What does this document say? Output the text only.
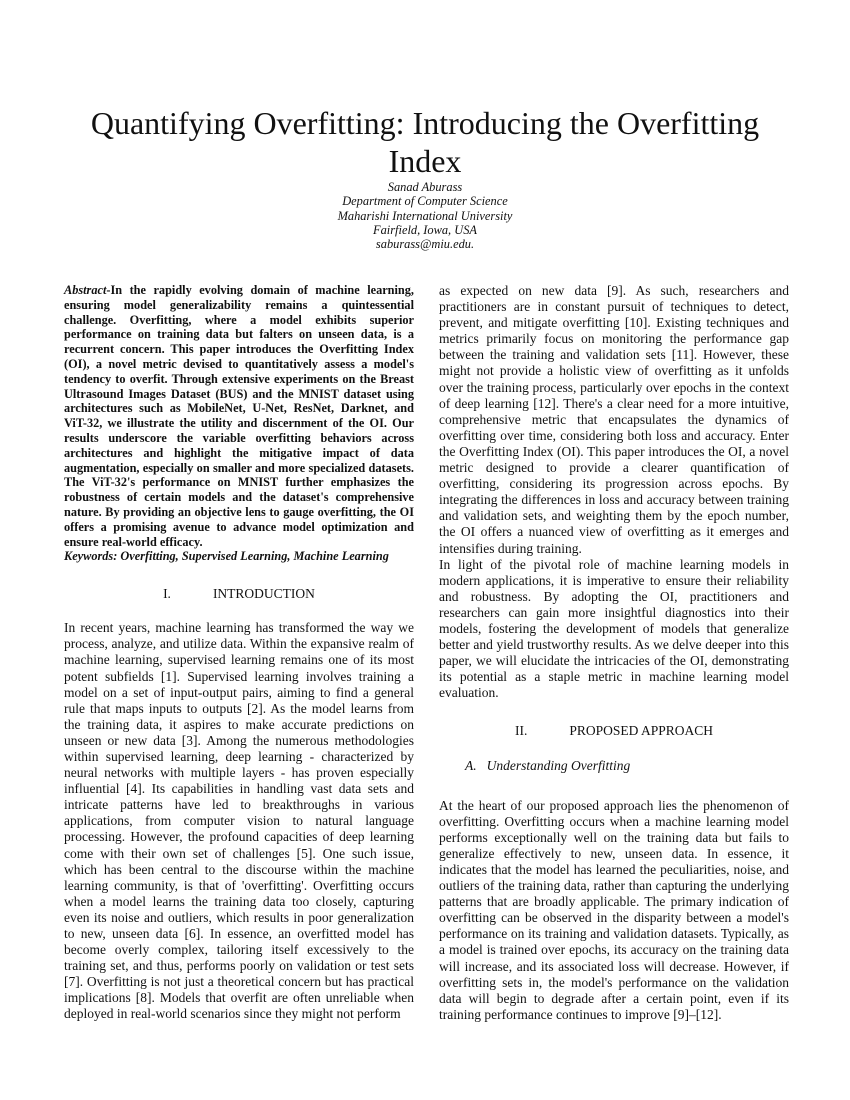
Quantifying Overfitting: Introducing the Overfitting Index
Sanad Aburass
Department of Computer Science
Maharishi International University
Fairfield, Iowa, USA
saburass@miu.edu.

Abstract-In the rapidly evolving domain of machine learning, ensuring model generalizability remains a quintessential challenge. Overfitting, where a model exhibits superior performance on training data but falters on unseen data, is a recurrent concern. This paper introduces the Overfitting Index (OI), a novel metric devised to quantitatively assess a model's tendency to overfit. Through extensive experiments on the Breast Ultrasound Images Dataset (BUS) and the MNIST dataset using architectures such as MobileNet, U-Net, ResNet, Darknet, and ViT-32, we illustrate the utility and discernment of the OI. Our results underscore the variable overfitting behaviors across architectures and highlight the mitigative impact of data augmentation, especially on smaller and more specialized datasets. The ViT-32's performance on MNIST further emphasizes the robustness of certain models and the dataset's comprehensive nature. By providing an objective lens to gauge overfitting, the OI offers a promising avenue to advance model optimization and ensure real-world efficacy.

Keywords: Overfitting, Supervised Learning, Machine Learning

I.	INTRODUCTION

In recent years, machine learning has transformed the way we process, analyze, and utilize data. Within the expansive realm of machine learning, supervised learning remains one of its most potent subfields [1]. Supervised learning involves training a model on a set of input-output pairs, aiming to find a general rule that maps inputs to outputs [2]. As the model learns from the training data, it aspires to make accurate predictions on unseen or new data [3]. Among the numerous methodologies within supervised learning, deep learning - characterized by neural networks with multiple layers - has proven especially influential [4]. Its capabilities in handling vast data sets and intricate patterns have led to breakthroughs in various applications, from computer vision to natural language processing. However, the profound capacities of deep learning come with their own set of challenges [5]. One such issue, which has been central to the discourse within the machine learning community, is that of 'overfitting'. Overfitting occurs when a model learns the training data too closely, capturing even its noise and outliers, which results in poor generalization to new, unseen data [6]. In essence, an overfitted model has become overly complex, tailoring itself excessively to the training set, and thus, performs poorly on validation or test sets [7]. Overfitting is not just a theoretical concern but has practical implications [8]. Models that overfit are often unreliable when deployed in real-world scenarios since they might not perform

as expected on new data [9]. As such, researchers and practitioners are in constant pursuit of techniques to detect, prevent, and mitigate overfitting [10]. Existing techniques and metrics primarily focus on monitoring the performance gap between the training and validation sets [11]. However, these might not provide a holistic view of overfitting as it unfolds over the training process, particularly over epochs in the context of deep learning [12]. There's a clear need for a more intuitive, comprehensive metric that encapsulates the dynamics of overfitting over time, considering both loss and accuracy. Enter the Overfitting Index (OI). This paper introduces the OI, a novel metric designed to provide a clearer quantification of overfitting, considering its progression across epochs. By integrating the differences in loss and accuracy between training and validation sets, and weighting them by the epoch number, the OI offers a nuanced view of overfitting as it emerges and intensifies during training.

In light of the pivotal role of machine learning models in modern applications, it is imperative to ensure their reliability and robustness. By adopting the OI, practitioners and researchers can gain more insightful diagnostics into their models, fostering the development of models that generalize better and yield trustworthy results. As we delve deeper into this paper, we will elucidate the intricacies of the OI, demonstrating its potential as a staple metric in machine learning model evaluation.

II.	PROPOSED APPROACH
A. Understanding Overfitting

At the heart of our proposed approach lies the phenomenon of overfitting. Overfitting occurs when a machine learning model performs exceptionally well on the training data but fails to generalize effectively to new, unseen data. In essence, it indicates that the model has learned the peculiarities, noise, and outliers of the training data, rather than capturing the underlying patterns that are broadly applicable. The primary indication of overfitting can be observed in the disparity between a model's performance on its training and validation datasets. Typically, as a model is trained over epochs, its accuracy on the training data will increase, and its associated loss will decrease. However, if overfitting sets in, the model's performance on the validation data will begin to degrade after a certain point, even if its training performance continues to improve [9]–[12].
